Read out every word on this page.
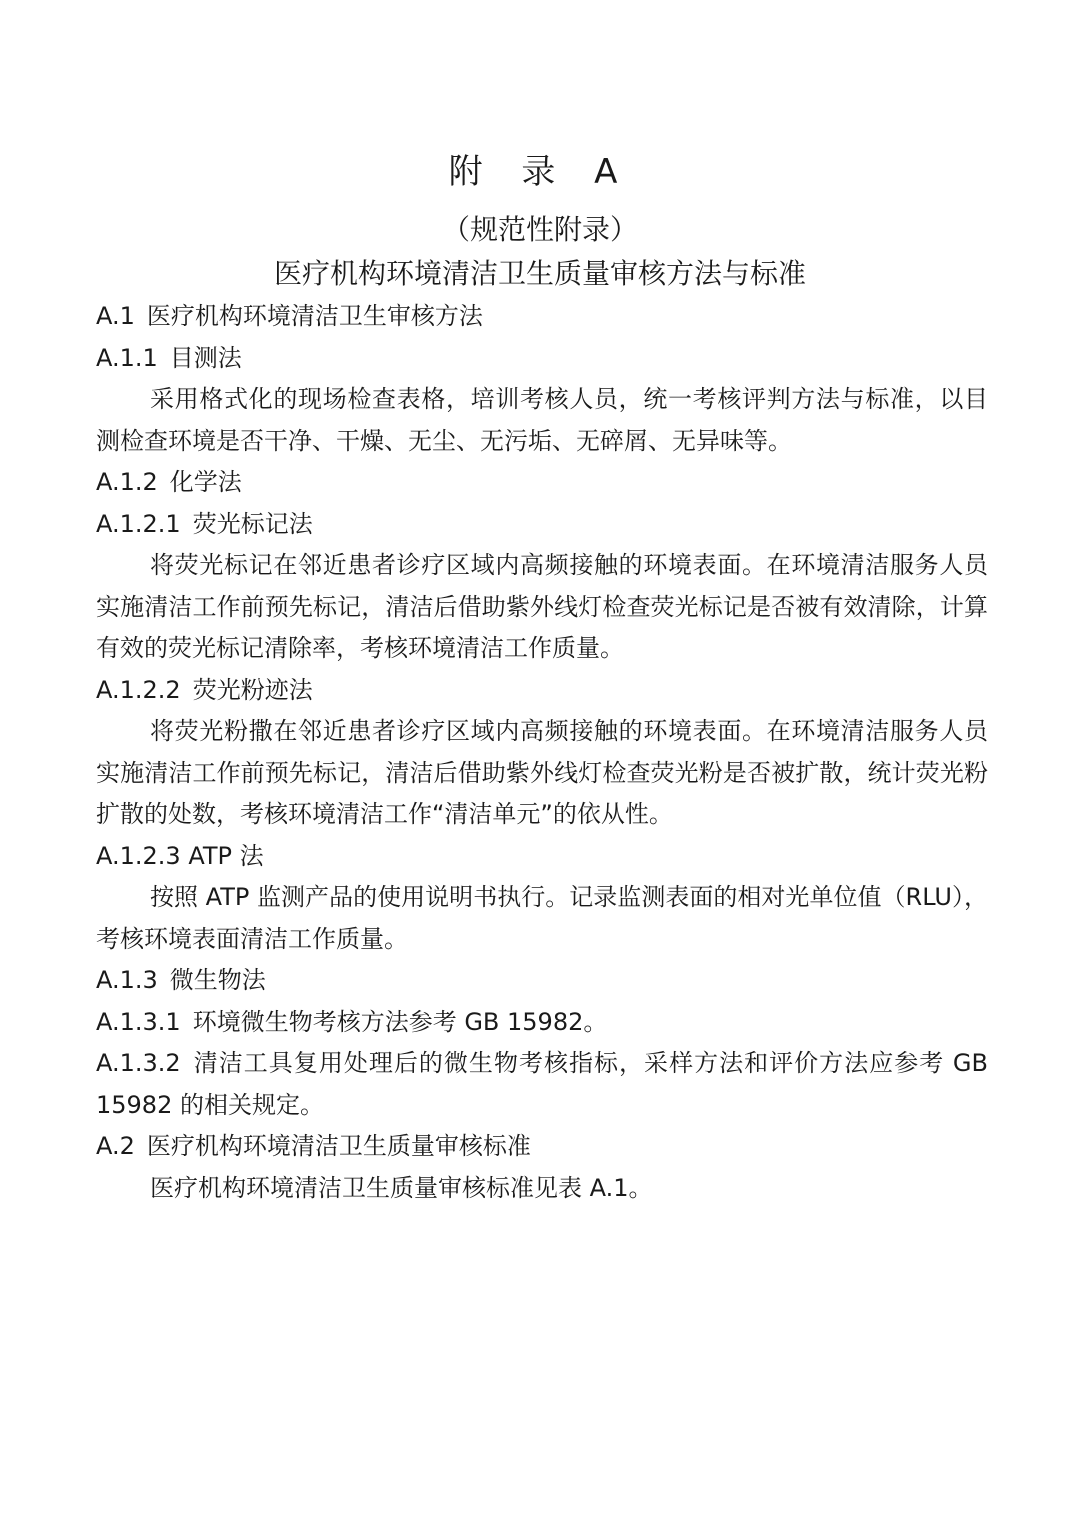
附 录 A
（规范性附录）
医疗机构环境清洁卫生质量审核方法与标准

A.1 医疗机构环境清洁卫生审核方法

A.1.1 目测法

采用格式化的现场检查表格，培训考核人员，统一考核评判方法与标准，以目测检查环境是否干净、干燥、无尘、无污垢、无碎屑、无异味等。

A.1.2 化学法

A.1.2.1 荧光标记法

将荧光标记在邻近患者诊疗区域内高频接触的环境表面。在环境清洁服务人员实施清洁工作前预先标记，清洁后借助紫外线灯检查荧光标记是否被有效清除，计算有效的荧光标记清除率，考核环境清洁工作质量。

A.1.2.2 荧光粉迹法

将荧光粉撒在邻近患者诊疗区域内高频接触的环境表面。在环境清洁服务人员实施清洁工作前预先标记，清洁后借助紫外线灯检查荧光粉是否被扩散，统计荧光粉扩散的处数，考核环境清洁工作“清洁单元”的依从性。

A.1.2.3 ATP 法

按照 ATP 监测产品的使用说明书执行。记录监测表面的相对光单位值（RLU），考核环境表面清洁工作质量。

A.1.3 微生物法

A.1.3.1 环境微生物考核方法参考 GB 15982。

A.1.3.2 清洁工具复用处理后的微生物考核指标，采样方法和评价方法应参考 GB 15982 的相关规定。

A.2 医疗机构环境清洁卫生质量审核标准

医疗机构环境清洁卫生质量审核标准见表 A.1。
